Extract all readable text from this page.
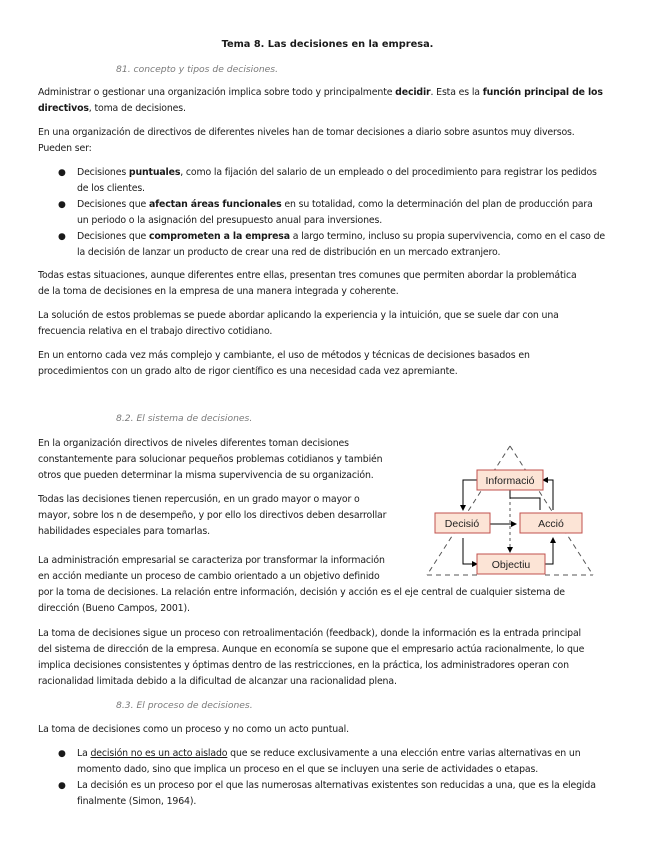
Tema 8. Las decisiones en la empresa.

81. concepto y tipos de decisiones.

Administrar o gestionar una organización implica sobre todo y principalmente decidir. Esta es la función principal de los
directivos, toma de decisiones.

En una organización de directivos de diferentes niveles han de tomar decisiones a diario sobre asuntos muy diversos.
Pueden ser:

● Decisiones puntuales, como la fijación del salario de un empleado o del procedimiento para registrar los pedidos
de los clientes.

● Decisiones que afectan áreas funcionales en su totalidad, como la determinación del plan de producción para
un periodo o la asignación del presupuesto anual para inversiones.

● Decisiones que comprometen a la empresa a largo termino, incluso su propia supervivencia, como en el caso de
la decisión de lanzar un producto de crear una red de distribución en un mercado extranjero.

Todas estas situaciones, aunque diferentes entre ellas, presentan tres comunes que permiten abordar la problemática
de la toma de decisiones en la empresa de una manera integrada y coherente.

La solución de estos problemas se puede abordar aplicando la experiencia y la intuición, que se suele dar con una
frecuencia relativa en el trabajo directivo cotidiano.

En un entorno cada vez más complejo y cambiante, el uso de métodos y técnicas de decisiones basados en
procedimientos con un grado alto de rigor científico es una necesidad cada vez apremiante.

8.2. El sistema de decisiones.

En la organización directivos de niveles diferentes toman decisiones
constantemente para solucionar pequeños problemas cotidianos y también
otros que pueden determinar la misma supervivencia de su organización.

Todas las decisiones tienen repercusión, en un grado mayor o mayor o
mayor, sobre los n de desempeño, y por ello los directivos deben desarrollar
habilidades especiales para tomarlas.

La administración empresarial se caracteriza por transformar la información
en acción mediante un proceso de cambio orientado a un objetivo definido
por la toma de decisiones. La relación entre información, decisión y acción es el eje central de cualquier sistema de
dirección (Bueno Campos, 2001).

Informació
Decisió	Acció
Objectiu

La toma de decisiones sigue un proceso con retroalimentación (feedback), donde la información es la entrada principal
del sistema de dirección de la empresa. Aunque en economía se supone que el empresario actúa racionalmente, lo que
implica decisiones consistentes y óptimas dentro de las restricciones, en la práctica, los administradores operan con
racionalidad limitada debido a la dificultad de alcanzar una racionalidad plena.

8.3. El proceso de decisiones.

La toma de decisiones como un proceso y no como un acto puntual.

● La decisión no es un acto aislado que se reduce exclusivamente a una elección entre varias alternativas en un
momento dado, sino que implica un proceso en el que se incluyen una serie de actividades o etapas.

● La decisión es un proceso por el que las numerosas alternativas existentes son reducidas a una, que es la elegida
finalmente (Simon, 1964).
